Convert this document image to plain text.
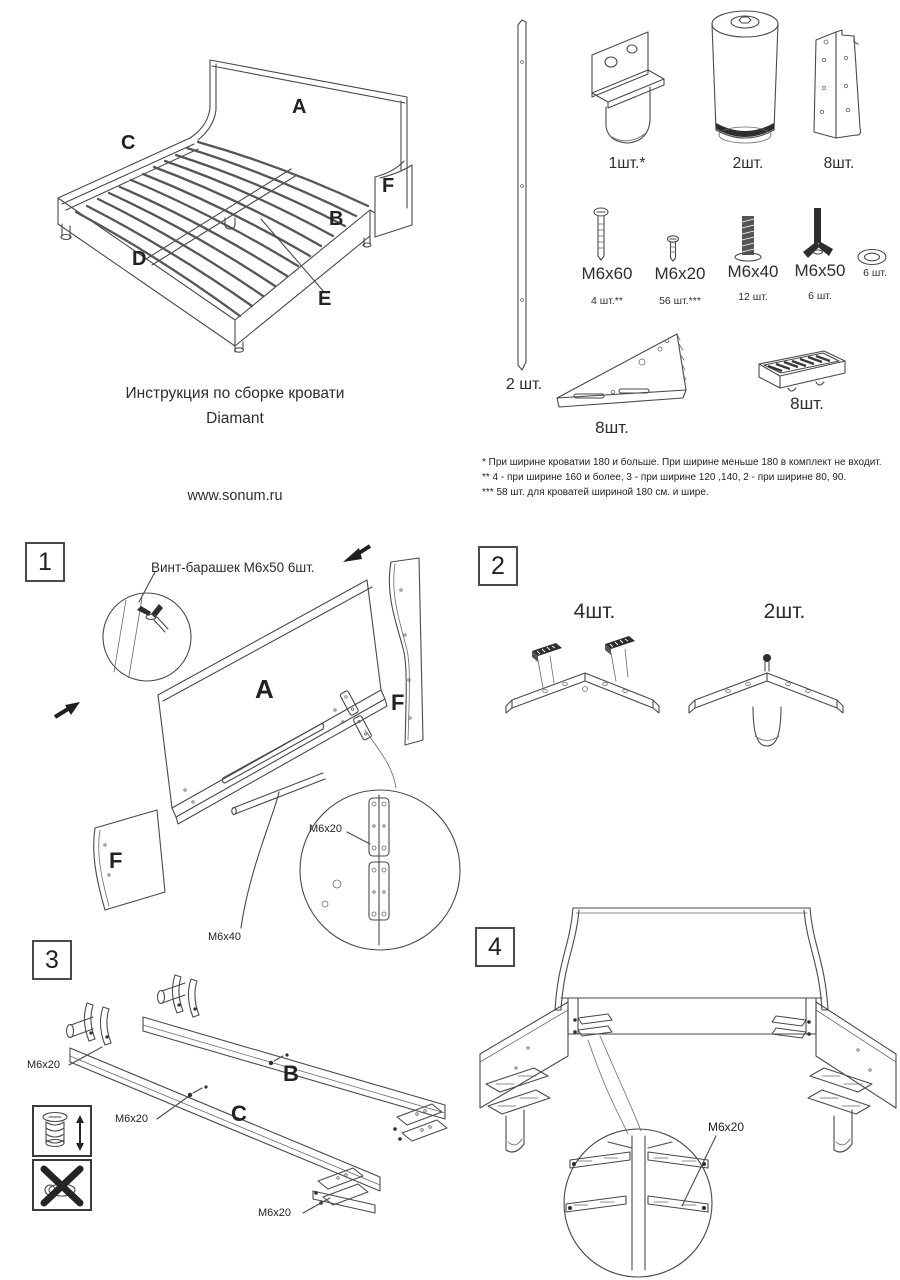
A
C
F
B
D
E
Инструкция по сборке кровати
Diamant
www.sonum.ru
2 шт.
1шт.*	2шт.	8шт.
M6x60
4 шт.**
M6x20
56 шт.***
M6x40
12 шт.
M6x50
6 шт.
6 шт.
8шт.
8шт.
* При ширине кроватии 180 и больше. При ширине меньше 180 в комплект не входит.
** 4 - при ширине 160 и более, 3 - при ширине 120 ,140, 2 - при ширине 80, 90.
*** 58 шт. для кроватей шириной 180 см. и шире.
1	Винт-барашек М6х50 6шт.
A	F
F
M6x20
M6x40
2
4шт.	2шт.
3
B
C
M6x20
M6x20
M6x20
4
M6x20
